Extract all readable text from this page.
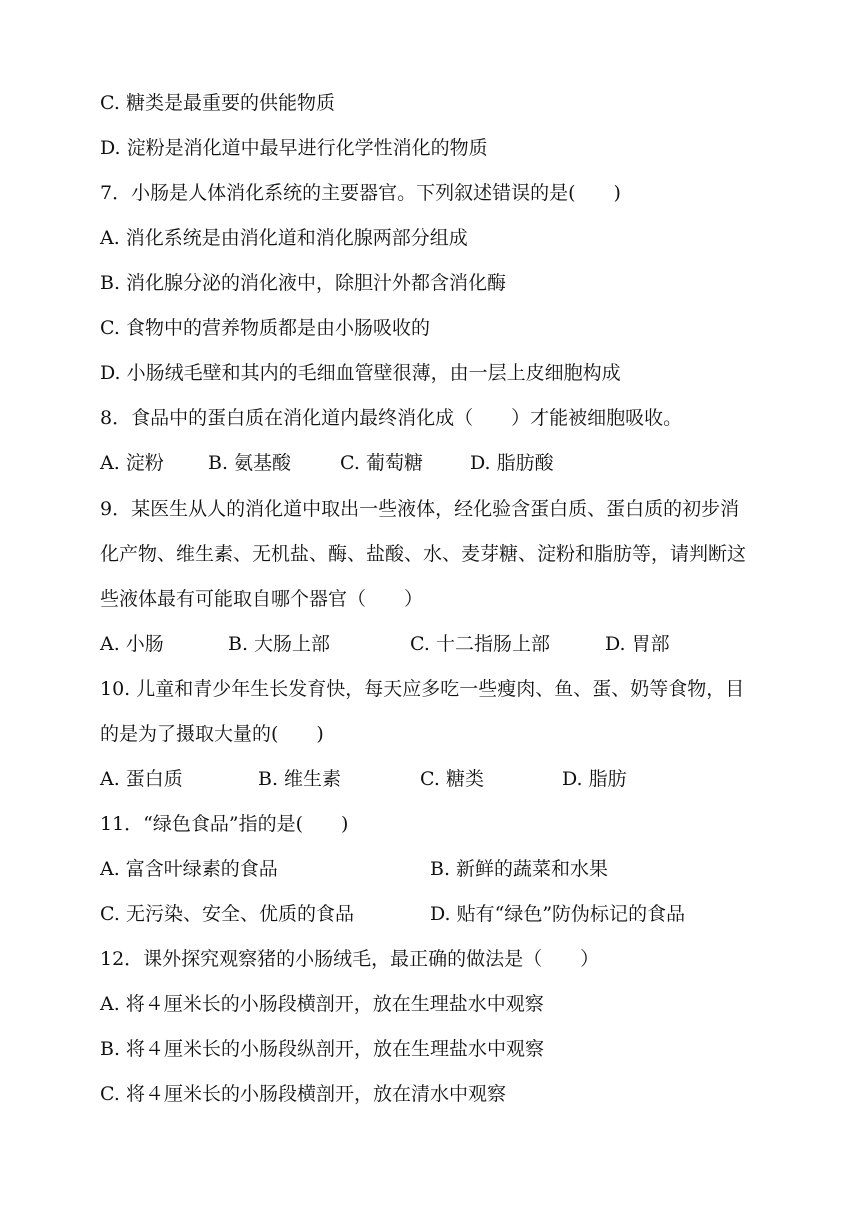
C. 糖类是最重要的供能物质
D. 淀粉是消化道中最早进行化学性消化的物质
7．小肠是人体消化系统的主要器官。下列叙述错误的是(　　)
A. 消化系统是由消化道和消化腺两部分组成
B. 消化腺分泌的消化液中，除胆汁外都含消化酶
C. 食物中的营养物质都是由小肠吸收的
D. 小肠绒毛壁和其内的毛细血管壁很薄，由一层上皮细胞构成
8．食品中的蛋白质在消化道内最终消化成（　　）才能被细胞吸收。
A. 淀粉 B. 氨基酸	C. 葡萄糖 D. 脂肪酸
9．某医生从人的消化道中取出一些液体，经化验含蛋白质、蛋白质的初步消
化产物、维生素、无机盐、酶、盐酸、水、麦芽糖、淀粉和脂肪等，请判断这
些液体最有可能取自哪个器官（　　）
A. 小肠	B. 大肠上部	C. 十二指肠上部	D. 胃部
10. 儿童和青少年生长发育快，每天应多吃一些瘦肉、鱼、蛋、奶等食物，目
的是为了摄取大量的(　　)
A. 蛋白质	B. 维生素	C. 糖类	D. 脂肪
11．“绿色食品”指的是(　　)
A. 富含叶绿素的食品	B. 新鲜的蔬菜和水果
C. 无污染、安全、优质的食品	D. 贴有“绿色”防伪标记的食品
12．课外探究观察猪的小肠绒毛，最正确的做法是（　　）
A. 将４厘米长的小肠段横剖开，放在生理盐水中观察
B. 将４厘米长的小肠段纵剖开，放在生理盐水中观察
C. 将４厘米长的小肠段横剖开，放在清水中观察
